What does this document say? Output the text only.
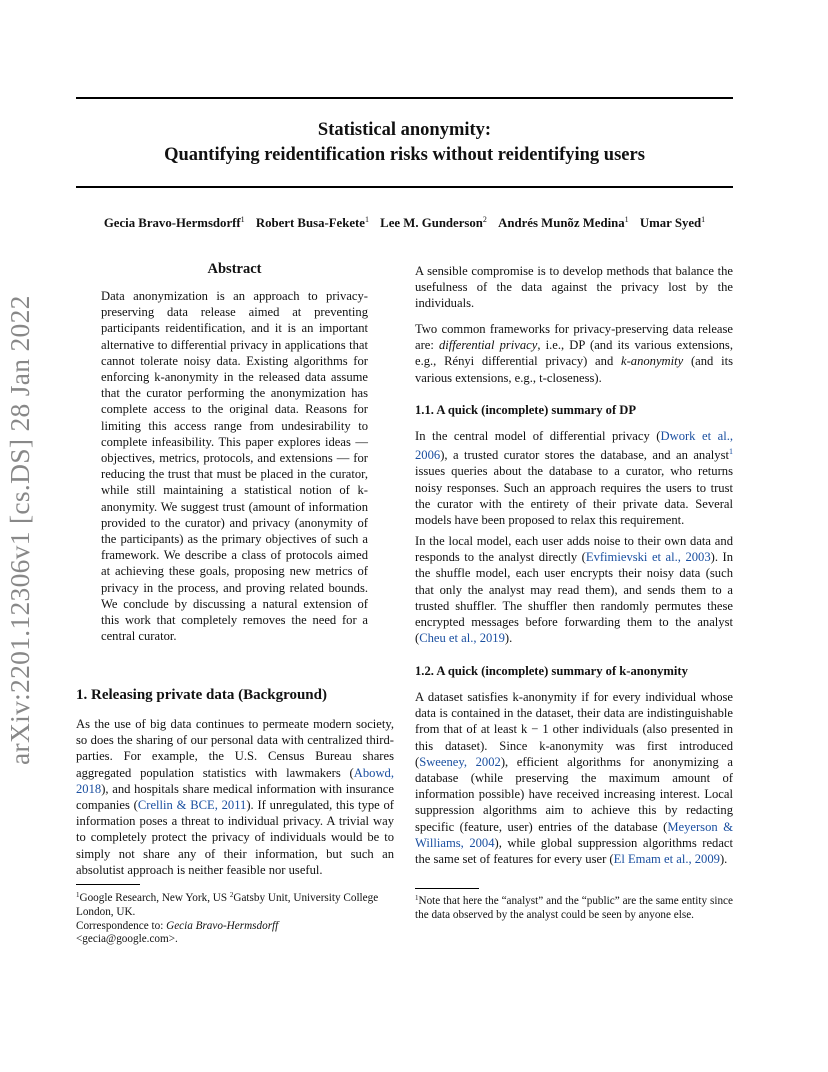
Statistical anonymity:
Quantifying reidentification risks without reidentifying users
Gecia Bravo-Hermsdorff$^1$ Robert Busa-Fekete$^1$ Lee M. Gunderson$^2$ Andrés Munõz Medina$^1$ Umar Syed$^1$
arXiv:2201.12306v1 [cs.DS] 28 Jan 2022
Abstract

Data anonymization is an approach to privacy-preserving data release aimed at preventing participants reidentification, and it is an important alternative to differential privacy in applications that cannot tolerate noisy data. Existing algorithms for enforcing k-anonymity in the released data assume that the curator performing the anonymization has complete access to the original data. Reasons for limiting this access range from undesirability to complete infeasibility. This paper explores ideas — objectives, metrics, protocols, and extensions — for reducing the trust that must be placed in the curator, while still maintaining a statistical notion of k-anonymity. We suggest trust (amount of information provided to the curator) and privacy (anonymity of the participants) as the primary objectives of such a framework. We describe a class of protocols aimed at achieving these goals, proposing new metrics of privacy in the process, and proving related bounds. We conclude by discussing a natural extension of this work that completely removes the need for a central curator.

1. Releasing private data (Background)

As the use of big data continues to permeate modern society, so does the sharing of our personal data with centralized third-parties. For example, the U.S. Census Bureau shares aggregated population statistics with lawmakers (Abowd, 2018), and hospitals share medical information with insurance companies (Crellin & BCE, 2011). If unregulated, this type of information poses a threat to individual privacy. A trivial way to completely protect the privacy of individuals would be to simply not share any of their information, but such an absolutist approach is neither feasible nor useful.

$^1$Google Research, New York, US $^2$Gatsby Unit, University College London, UK.

Correspondence to: Gecia Bravo-Hermsdorff

<gecia@google.com>.

A sensible compromise is to develop methods that balance the usefulness of the data against the privacy lost by the individuals.

Two common frameworks for privacy-preserving data release are: differential privacy, i.e., DP (and its various extensions, e.g., Rényi differential privacy) and k-anonymity (and its various extensions, e.g., t-closeness).

1.1. A quick (incomplete) summary of DP

In the central model of differential privacy (Dwork et al., 2006), a trusted curator stores the database, and an analyst$^1$ issues queries about the database to a curator, who returns noisy responses. Such an approach requires the users to trust the curator with the entirety of their private data. Several models have been proposed to relax this requirement.

In the local model, each user adds noise to their own data and responds to the analyst directly (Evfimievski et al., 2003). In the shuffle model, each user encrypts their noisy data (such that only the analyst may read them), and sends them to a trusted shuffler. The shuffler then randomly permutes these encrypted messages before forwarding them to the analyst (Cheu et al., 2019).

1.2. A quick (incomplete) summary of k-anonymity

A dataset satisfies k-anonymity if for every individual whose data is contained in the dataset, their data are indistinguishable from that of at least k − 1 other individuals (also presented in this dataset). Since k-anonymity was first introduced (Sweeney, 2002), efficient algorithms for anonymizing a database (while preserving the maximum amount of information possible) have received increasing interest. Local suppression algorithms aim to achieve this by redacting specific (feature, user) entries of the database (Meyerson & Williams, 2004), while global suppression algorithms redact the same set of features for every user (El Emam et al., 2009).

$^1$Note that here the “analyst” and the “public” are the same entity since the data observed by the analyst could be seen by anyone else.
